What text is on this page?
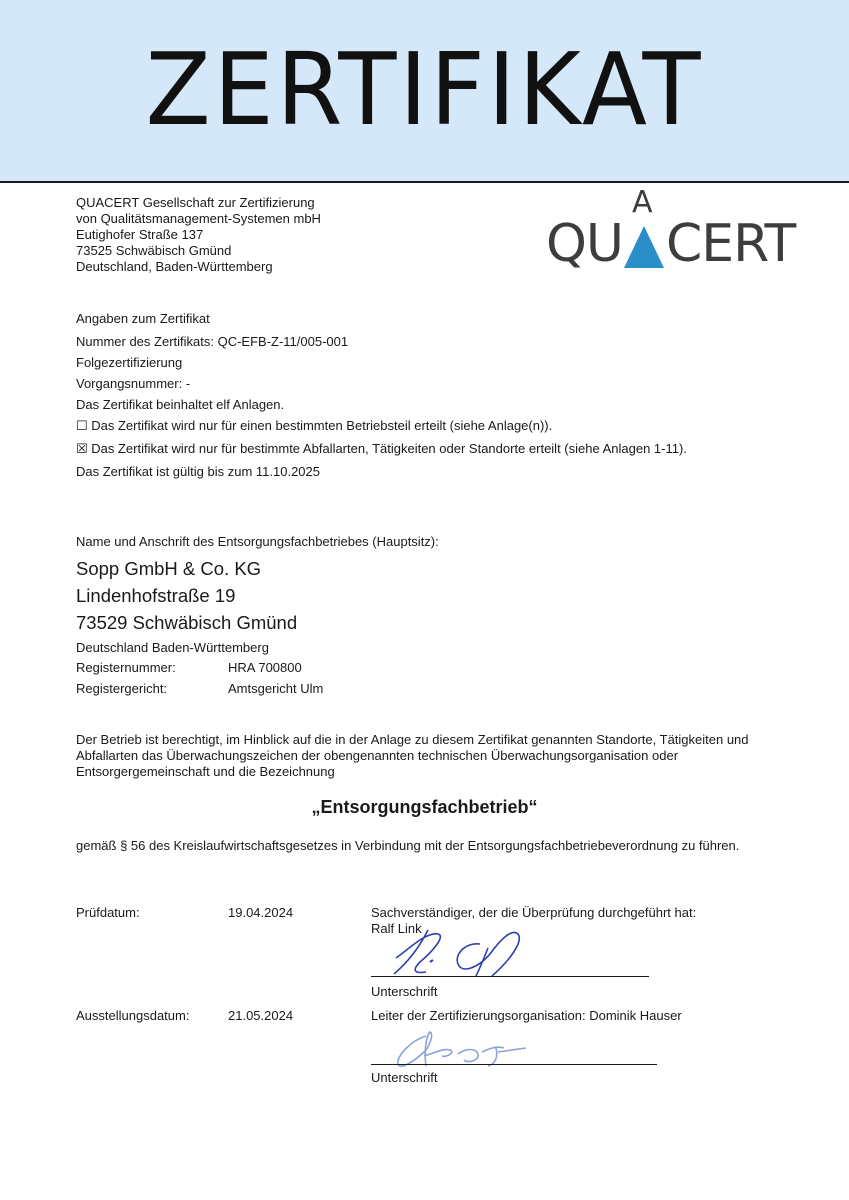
ZERTIFIKAT
QUACERT Gesellschaft zur Zertifizierung
von Qualitätsmanagement-Systemen mbH
Eutighofer Straße 137
73525 Schwäbisch Gmünd
Deutschland, Baden-Württemberg	QU
A
CERT
Angaben zum Zertifikat
Nummer des Zertifikats: QC-EFB-Z-11/005-001
Folgezertifizierung
Vorgangsnummer: -
Das Zertifikat beinhaltet elf Anlagen.
☐ Das Zertifikat wird nur für einen bestimmten Betriebsteil erteilt (siehe Anlage(n)).
☒ Das Zertifikat wird nur für bestimmte Abfallarten, Tätigkeiten oder Standorte erteilt (siehe Anlagen 1-11).
Das Zertifikat ist gültig bis zum 11.10.2025
Name und Anschrift des Entsorgungsfachbetriebes (Hauptsitz):
Sopp GmbH & Co. KG
Lindenhofstraße 19
73529 Schwäbisch Gmünd
Deutschland Baden-Württemberg
Registernummer:	HRA 700800
Registergericht:	Amtsgericht Ulm
Der Betrieb ist berechtigt, im Hinblick auf die in der Anlage zu diesem Zertifikat genannten Standorte, Tätigkeiten und Abfallarten das Überwachungszeichen der obengenannten technischen Überwachungsorganisation oder Entsorgergemeinschaft und die Bezeichnung
„Entsorgungsfachbetrieb“
gemäß § 56 des Kreislaufwirtschaftsgesetzes in Verbindung mit der Entsorgungsfachbetriebeverordnung zu führen.
Prüfdatum:	19.04.2024	Sachverständiger, der die Überprüfung durchgeführt hat:
Ralf Link
Unterschrift
Ausstellungsdatum:	21.05.2024	Leiter der Zertifizierungsorganisation: Dominik Hauser
Unterschrift
